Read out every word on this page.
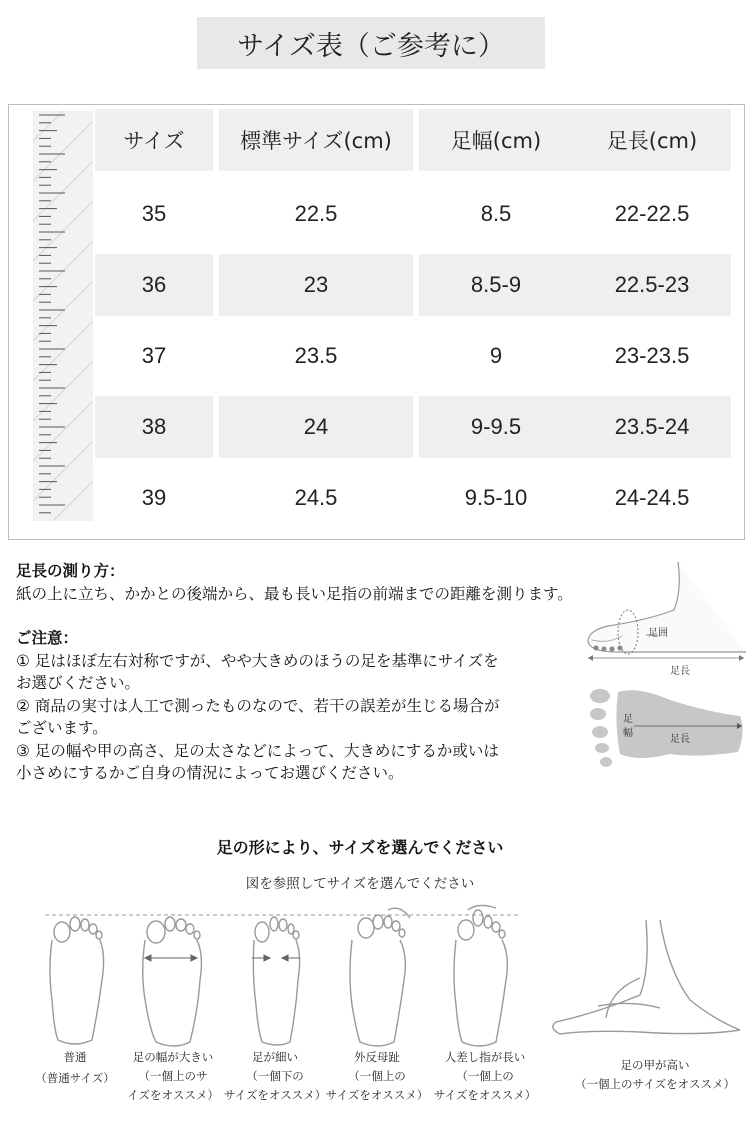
サイズ表（ご参考に）
サイズ	標準サイズ(cm)	足幅(cm)	足長(cm)
35	22.5	8.5	22-22.5
36	23	8.5-9	22.5-23
37	23.5	9	23-23.5
38	24	9-9.5	23.5-24
39	24.5	9.5-10	24-24.5
足長の測り方：
紙の上に立ち、かかとの後端から、最も長い足指の前端までの距離を測ります。
ご注意：
① 足はほぼ左右対称ですが、やや大きめのほうの足を基準にサイズを
お選びください。
② 商品の実寸は人工で測ったものなので、若干の誤差が生じる場合が
ございます。
③ 足の幅や甲の高さ、足の太さなどによって、大きめにするか或いは
小さめにするかご自身の情況によってお選びください。
足囲
足長
足
幅
足長
足の形により、サイズを選んでください
図を参照してサイズを選んでください
普通
（普通サイズ）
足の幅が大きい
（一個上のサ
イズをオススメ）
足が細い
（一個下の
サイズをオススメ）
外反母趾
（一個上の
サイズをオススメ）
人差し指が長い
（一個上の
サイズをオススメ）
足の甲が高い
（一個上のサイズをオススメ）
